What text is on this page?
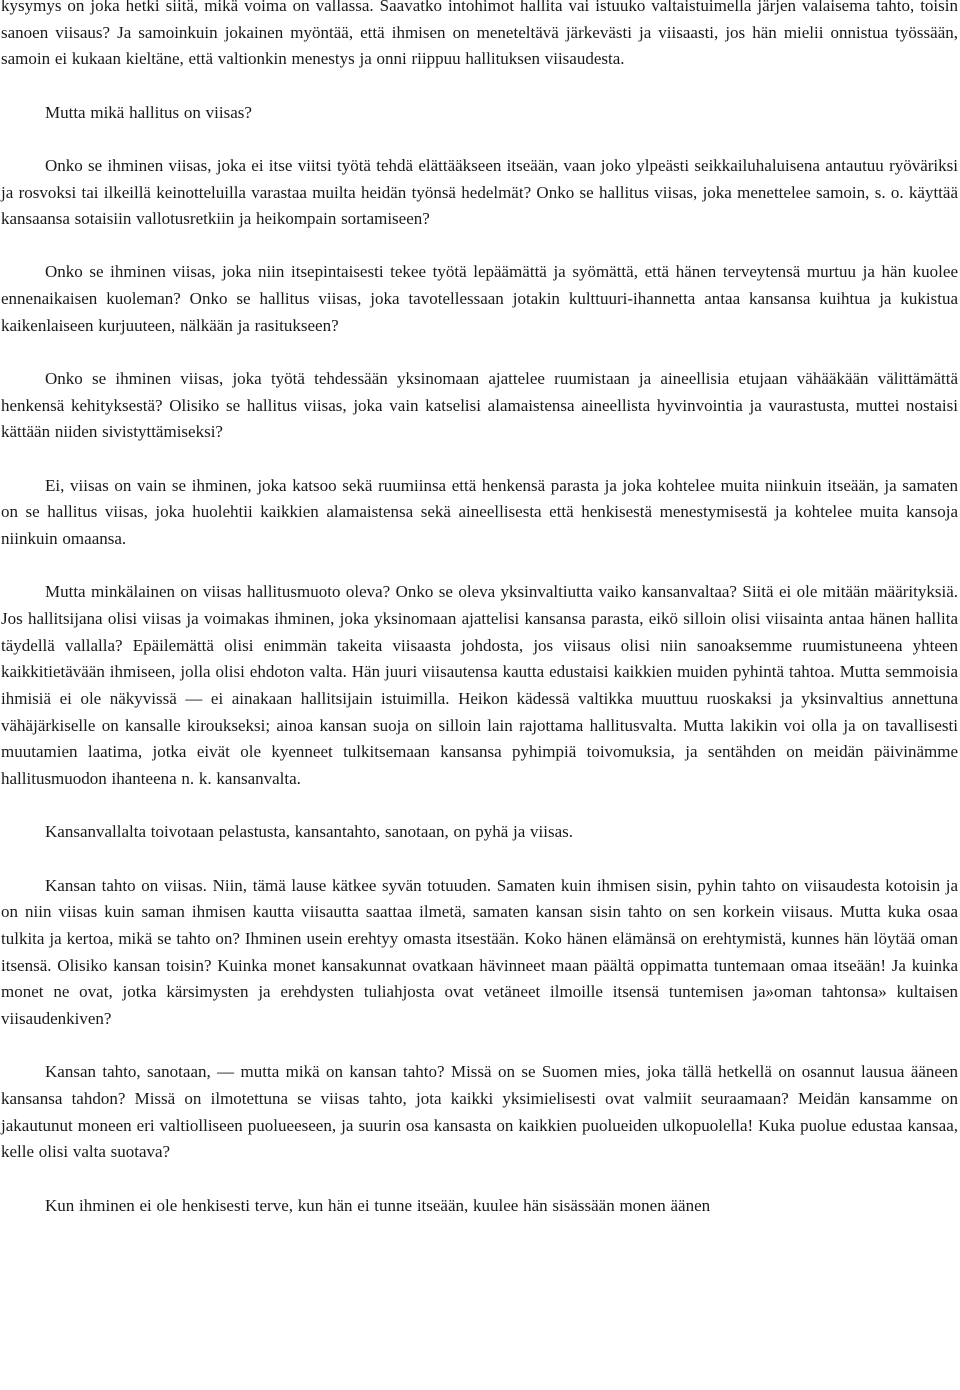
kysymys on joka hetki siitä, mikä voima on vallassa. Saavatko intohimot hallita vai istuuko valtaistuimella järjen valaisema tahto, toisin sanoen viisaus? Ja samoinkuin jokainen myöntää, että ihmisen on meneteltävä järkevästi ja viisaasti, jos hän mielii onnistua työssään, samoin ei kukaan kieltäne, että valtionkin menestys ja onni riippuu hallituksen viisaudesta.

Mutta mikä hallitus on viisas?

Onko se ihminen viisas, joka ei itse viitsi työtä tehdä elättääkseen itseään, vaan joko ylpeästi seikkailuhaluisena antautuu ryöväriksi ja rosvoksi tai ilkeillä keinotteluilla varastaa muilta heidän työnsä hedelmät? Onko se hallitus viisas, joka menettelee samoin, s. o. käyttää kansaansa sotaisiin vallotusretkiin ja heikompain sortamiseen?

Onko se ihminen viisas, joka niin itsepintaisesti tekee työtä lepäämättä ja syömättä, että hänen terveytensä murtuu ja hän kuolee ennenaikaisen kuoleman? Onko se hallitus viisas, joka tavotellessaan jotakin kulttuuri-ihannetta antaa kansansa kuihtua ja kukistua kaikenlaiseen kurjuuteen, nälkään ja rasitukseen?

Onko se ihminen viisas, joka työtä tehdessään yksinomaan ajattelee ruumistaan ja aineellisia etujaan vähääkään välittämättä henkensä kehityksestä? Olisiko se hallitus viisas, joka vain katselisi alamaistensa aineellista hyvinvointia ja vaurastusta, muttei nostaisi kättään niiden sivistyttämiseksi?

Ei, viisas on vain se ihminen, joka katsoo sekä ruumiinsa että henkensä parasta ja joka kohtelee muita niinkuin itseään, ja samaten on se hallitus viisas, joka huolehtii kaikkien alamaistensa sekä aineellisesta että henkisestä menestymisestä ja kohtelee muita kansoja niinkuin omaansa.

Mutta minkälainen on viisas hallitusmuoto oleva? Onko se oleva yksinvaltiutta vaiko kansanvaltaa? Siitä ei ole mitään määrityksiä. Jos hallitsijana olisi viisas ja voimakas ihminen, joka yksinomaan ajattelisi kansansa parasta, eikö silloin olisi viisainta antaa hänen hallita täydellä vallalla? Epäilemättä olisi enimmän takeita viisaasta johdosta, jos viisaus olisi niin sanoaksemme ruumistuneena yhteen kaikkitietävään ihmiseen, jolla olisi ehdoton valta. Hän juuri viisautensa kautta edustaisi kaikkien muiden pyhintä tahtoa. Mutta semmoisia ihmisiä ei ole näkyvissä — ei ainakaan hallitsijain istuimilla. Heikon kädessä valtikka muuttuu ruoskaksi ja yksinvaltius annettuna vähäjärkiselle on kansalle kiroukseksi; ainoa kansan suoja on silloin lain rajottama hallitusvalta. Mutta lakikin voi olla ja on tavallisesti muutamien laatima, jotka eivät ole kyenneet tulkitsemaan kansansa pyhimpiä toivomuksia, ja sentähden on meidän päivinämme hallitusmuodon ihanteena n. k. kansanvalta.

Kansanvallalta toivotaan pelastusta, kansantahto, sanotaan, on pyhä ja viisas.

Kansan tahto on viisas. Niin, tämä lause kätkee syvän totuuden. Samaten kuin ihmisen sisin, pyhin tahto on viisaudesta kotoisin ja on niin viisas kuin saman ihmisen kautta viisautta saattaa ilmetä, samaten kansan sisin tahto on sen korkein viisaus. Mutta kuka osaa tulkita ja kertoa, mikä se tahto on? Ihminen usein erehtyy omasta itsestään. Koko hänen elämänsä on erehtymistä, kunnes hän löytää oman itsensä. Olisiko kansan toisin? Kuinka monet kansakunnat ovatkaan hävinneet maan päältä oppimatta tuntemaan omaa itseään! Ja kuinka monet ne ovat, jotka kärsimysten ja erehdysten tuliahjosta ovat vetäneet ilmoille itsensä tuntemisen ja»oman tahtonsa» kultaisen viisaudenkiven?

Kansan tahto, sanotaan, — mutta mikä on kansan tahto? Missä on se Suomen mies, joka tällä hetkellä on osannut lausua ääneen kansansa tahdon? Missä on ilmotettuna se viisas tahto, jota kaikki yksimielisesti ovat valmiit seuraamaan? Meidän kansamme on jakautunut moneen eri valtiolliseen puolueeseen, ja suurin osa kansasta on kaikkien puolueiden ulkopuolella! Kuka puolue edustaa kansaa, kelle olisi valta suotava?

Kun ihminen ei ole henkisesti terve, kun hän ei tunne itseään, kuulee hän sisässään monen äänen
